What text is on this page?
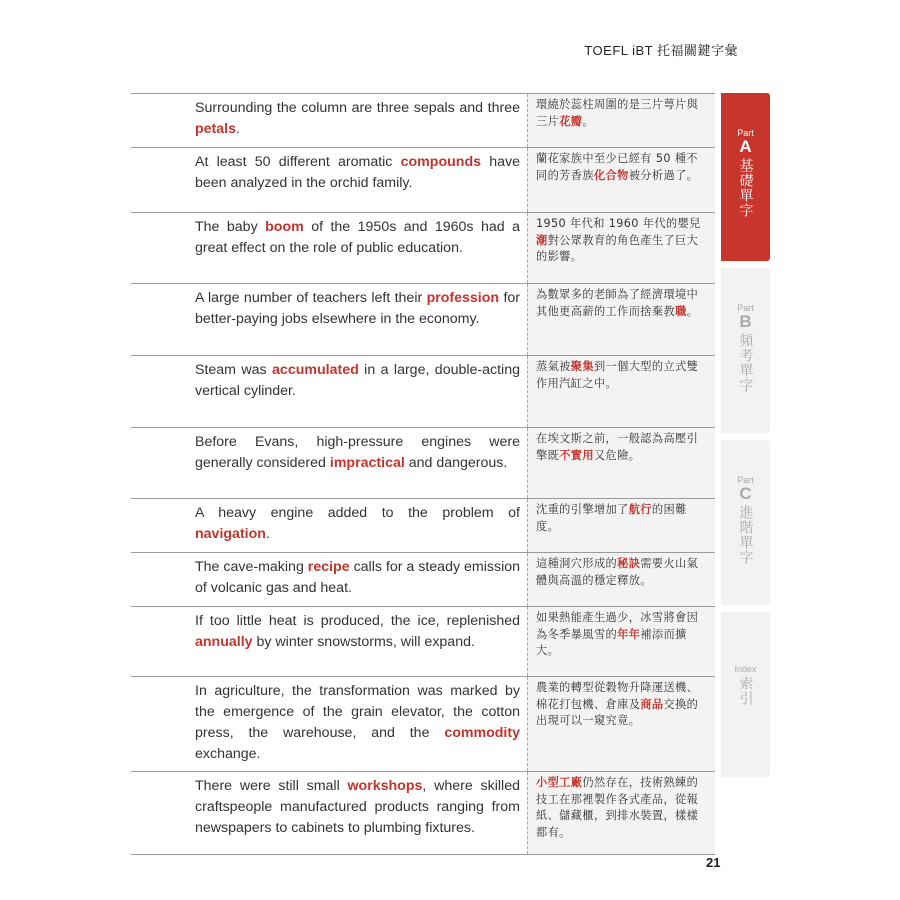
TOEFL iBT 托福關鍵字彙
Surrounding the column are three sepals and three petals.
環繞於蕊柱周圍的是三片萼片與三片花瓣。
At least 50 different aromatic compounds have been analyzed in the orchid family.
蘭花家族中至少已經有 50 種不同的芳香族化合物被分析過了。
The baby boom of the 1950s and 1960s had a great effect on the role of public education.
1950 年代和 1960 年代的嬰兒潮對公眾教育的角色產生了巨大的影響。
A large number of teachers left their profession for better-paying jobs elsewhere in the economy.
為數眾多的老師為了經濟環境中其他更高薪的工作而捨棄教職。
Steam was accumulated in a large, double-acting vertical cylinder.
蒸氣被聚集到一個大型的立式雙作用汽缸之中。
Before Evans, high-pressure engines were generally considered impractical and dangerous.
在埃文斯之前，一般認為高壓引擎既不實用又危險。
A heavy engine added to the problem of navigation.
沈重的引擎增加了航行的困難度。
The cave-making recipe calls for a steady emission of volcanic gas and heat.
這種洞穴形成的秘訣需要火山氣體與高溫的穩定釋放。
If too little heat is produced, the ice, replenished annually by winter snowstorms, will expand.
如果熱能產生過少，冰雪將會因為冬季暴風雪的年年補添而擴大。
In agriculture, the transformation was marked by the emergence of the grain elevator, the cotton press, the warehouse, and the commodity exchange.
農業的轉型從穀物升降運送機、棉花打包機、倉庫及商品交換的出現可以一窺究竟。
There were still small workshops, where skilled craftspeople manufactured products ranging from newspapers to cabinets to plumbing fixtures.
小型工廠仍然存在，技術熟練的技工在那裡製作各式產品，從報紙、儲藏櫃，到排水裝置，樣樣都有。
Part
A
基礎單字
Part
B
頻考單字
Part
C
進階單字
Index
索引
21
